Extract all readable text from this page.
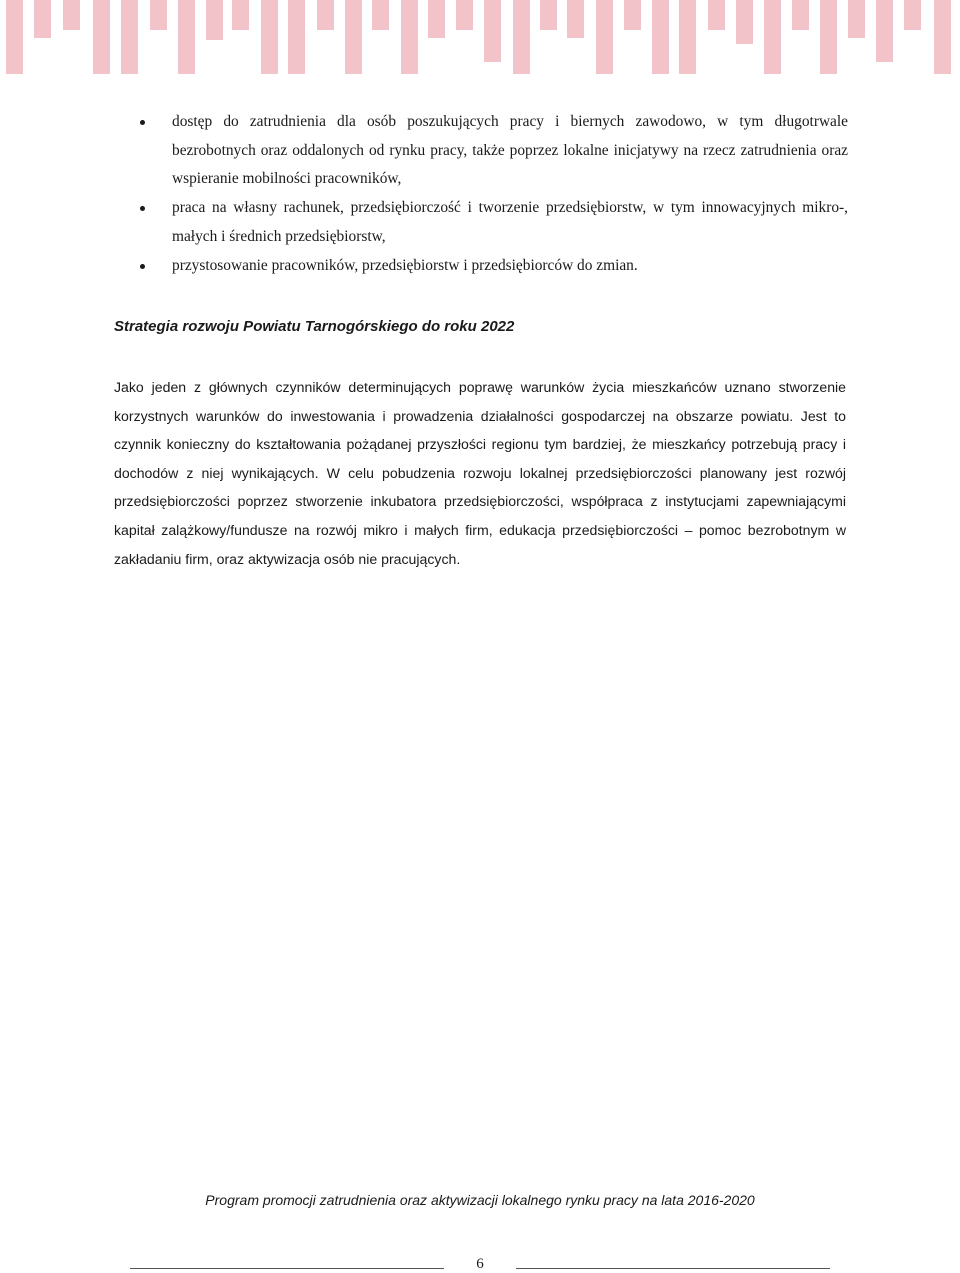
dostęp do zatrudnienia dla osób poszukujących pracy i biernych zawodowo, w tym długotrwale bezrobotnych oraz oddalonych od rynku pracy, także poprzez lokalne inicjatywy na rzecz zatrudnienia oraz wspieranie mobilności pracowników,
praca na własny rachunek, przedsiębiorczość i tworzenie przedsiębiorstw, w tym innowacyjnych mikro-, małych i średnich przedsiębiorstw,
przystosowanie pracowników, przedsiębiorstw i przedsiębiorców do zmian.
Strategia rozwoju Powiatu Tarnogórskiego do roku 2022
Jako jeden z głównych czynników determinujących poprawę warunków życia mieszkańców uznano stworzenie korzystnych warunków do inwestowania i prowadzenia działalności gospodarczej na obszarze powiatu. Jest to czynnik konieczny do kształtowania pożądanej przyszłości regionu tym bardziej, że mieszkańcy potrzebują pracy i dochodów z niej wynikających. W celu pobudzenia rozwoju lokalnej przedsiębiorczości planowany jest rozwój przedsiębiorczości poprzez stworzenie inkubatora przedsiębiorczości, współpraca z instytucjami zapewniającymi kapitał zalążkowy/fundusze na rozwój mikro i małych firm, edukacja przedsiębiorczości – pomoc bezrobotnym w zakładaniu firm, oraz aktywizacja osób nie pracujących.
Program promocji zatrudnienia oraz aktywizacji lokalnego rynku pracy na lata 2016-2020
6
